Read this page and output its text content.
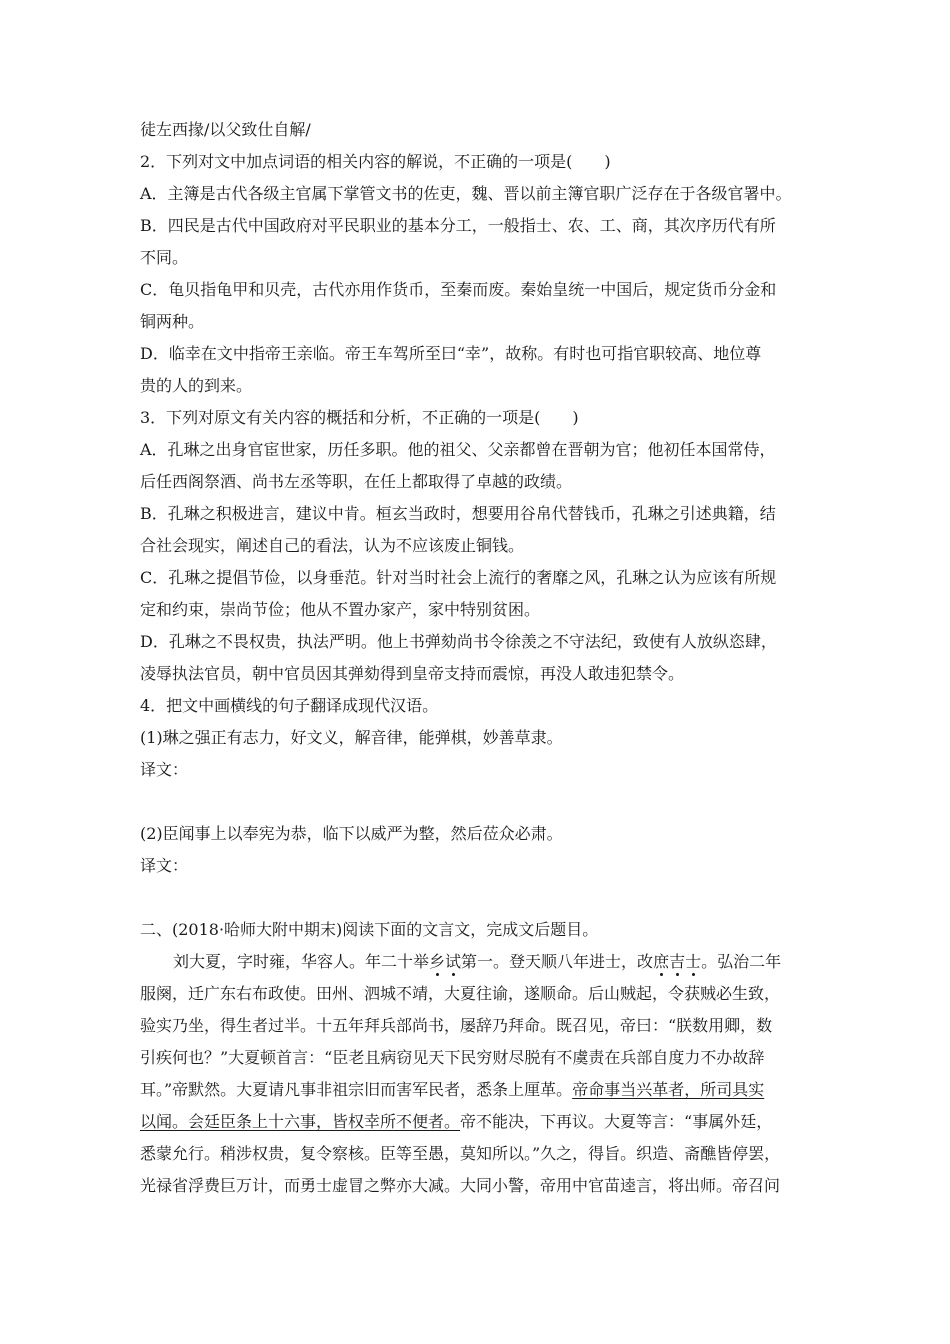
徒左西掾/以父致仕自解/
2．下列对文中加点词语的相关内容的解说，不正确的一项是(　　)
A．主簿是古代各级主官属下掌管文书的佐吏，魏、晋以前主簿官职广泛存在于各级官署中。
B．四民是古代中国政府对平民职业的基本分工，一般指士、农、工、商，其次序历代有所
不同。
C．龟贝指龟甲和贝壳，古代亦用作货币，至秦而废。秦始皇统一中国后，规定货币分金和
铜两种。
D．临幸在文中指帝王亲临。帝王车驾所至曰“幸”，故称。有时也可指官职较高、地位尊
贵的人的到来。
3．下列对原文有关内容的概括和分析，不正确的一项是(　　)
A．孔琳之出身官宦世家，历任多职。他的祖父、父亲都曾在晋朝为官；他初任本国常侍，
后任西阁祭酒、尚书左丞等职，在任上都取得了卓越的政绩。
B．孔琳之积极进言，建议中肯。桓玄当政时，想要用谷帛代替钱币，孔琳之引述典籍，结
合社会现实，阐述自己的看法，认为不应该废止铜钱。
C．孔琳之提倡节俭，以身垂范。针对当时社会上流行的奢靡之风，孔琳之认为应该有所规
定和约束，崇尚节俭；他从不置办家产，家中特别贫困。
D．孔琳之不畏权贵，执法严明。他上书弹劾尚书令徐羡之不守法纪，致使有人放纵恣肆，
凌辱执法官员，朝中官员因其弹劾得到皇帝支持而震惊，再没人敢违犯禁令。
4．把文中画横线的句子翻译成现代汉语。
(1)琳之强正有志力，好文义，解音律，能弹棋，妙善草隶。
译文：
(2)臣闻事上以奉宪为恭，临下以威严为整，然后莅众必肃。
译文：
二、(2018·哈师大附中期末)阅读下面的文言文，完成文后题目。
刘大夏，字时雍，华容人。年二十举乡试第一。登天顺八年进士，改庶吉士。弘治二年
服阕，迁广东右布政使。田州、泗城不靖，大夏往谕，遂顺命。后山贼起，令获贼必生致，
验实乃坐，得生者过半。十五年拜兵部尚书，屡辞乃拜命。既召见，帝曰：“朕数用卿，数
引疾何也？”大夏顿首言：“臣老且病窃见天下民穷财尽脱有不虞责在兵部自度力不办故辞
耳。”帝默然。大夏请凡事非祖宗旧而害军民者，悉条上厘革。帝命事当兴革者，所司具实
以闻。会廷臣条上十六事，皆权幸所不便者。帝不能决，下再议。大夏等言：“事属外廷，
悉蒙允行。稍涉权贵，复令察核。臣等至愚，莫知所以。”久之，得旨。织造、斋醮皆停罢，
光禄省浮费巨万计，而勇士虚冒之弊亦大减。大同小警，帝用中官苗逵言，将出师。帝召问
